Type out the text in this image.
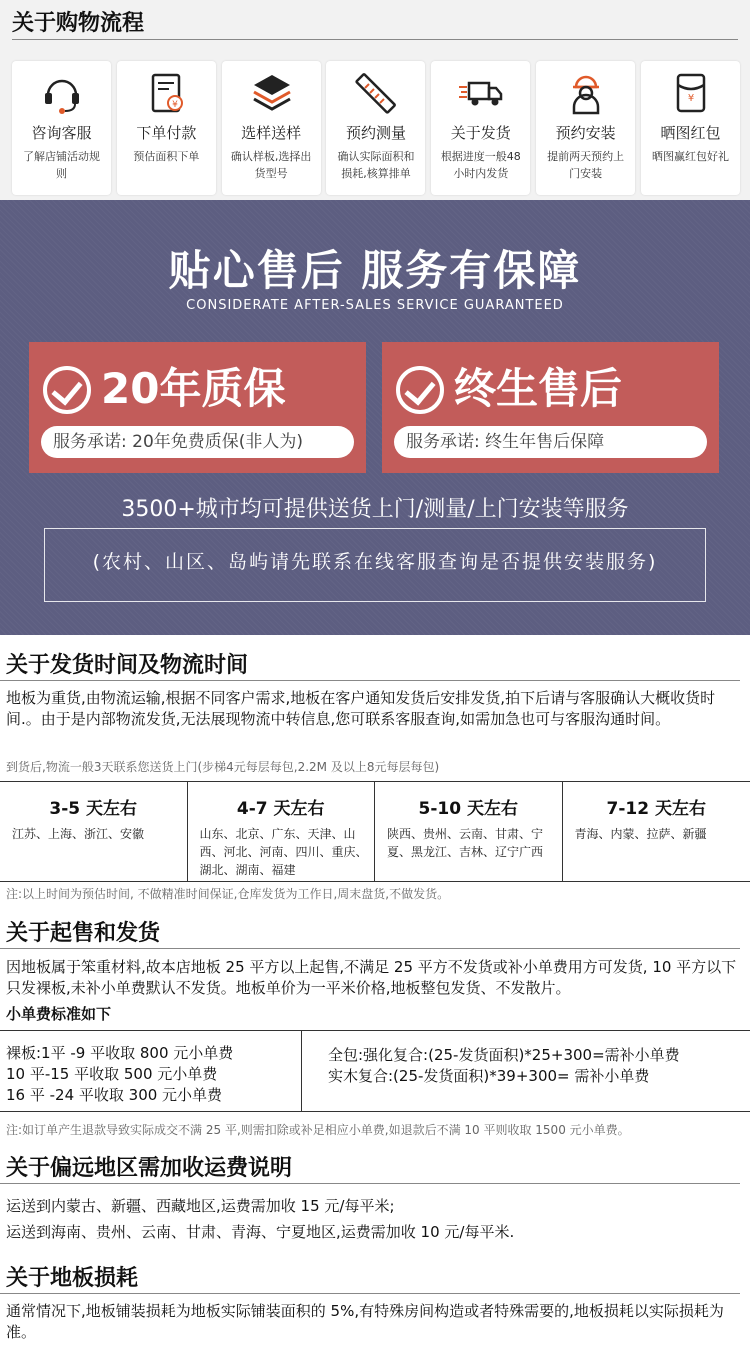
关于购物流程
咨询客服
了解店铺活动规则
¥
下单付款
预估面积下单
选样送样
确认样板,选择出货型号
预约测量
确认实际面积和损耗,核算排单
关于发货
根据进度一般48小时内发货
预约安装
提前两天预约上门安装
¥
晒图红包
晒图赢红包好礼
贴心售后 服务有保障
CONSIDERATE AFTER-SALES SERVICE GUARANTEED
20年质保
服务承诺: 20年免费质保(非人为)
终生售后
服务承诺: 终生年售后保障
3500+城市均可提供送货上门/测量/上门安装等服务
(农村、山区、岛屿请先联系在线客服查询是否提供安装服务)
关于发货时间及物流时间
地板为重货,由物流运输,根据不同客户需求,地板在客户通知发货后安排发货,拍下后请与客服确认大概收货时间.。由于是内部物流发货,无法展现物流中转信息,您可联系客服查询,如需加急也可与客服沟通时间。
到货后,物流一般3天联系您送货上门(步梯4元每层每包,2.2M 及以上8元每层每包)
3-5 天左右
江苏、上海、浙江、安徽
4-7 天左右
山东、北京、广东、天津、山西、河北、河南、四川、重庆、湖北、湖南、福建
5-10 天左右
陕西、贵州、云南、甘肃、宁夏、黑龙江、吉林、辽宁广西
7-12 天左右
青海、内蒙、拉萨、新疆
注:以上时间为预估时间, 不做精准时间保证,仓库发货为工作日,周末盘货,不做发货。
关于起售和发货
因地板属于笨重材料,故本店地板 25 平方以上起售,不满足 25 平方不发货或补小单费用方可发货, 10 平方以下只发裸板,未补小单费默认不发货。地板单价为一平米价格,地板整包发货、不发散片。
小单费标准如下
裸板:1平 -9 平收取 800 元小单费
10 平-15 平收取 500 元小单费
16 平 -24 平收取 300 元小单费
全包:强化复合:(25-发货面积)*25+300=需补小单费
实木复合:(25-发货面积)*39+300= 需补小单费
注:如订单产生退款导致实际成交不满 25 平,则需扣除或补足相应小单费,如退款后不满 10 平则收取 1500 元小单费。
关于偏远地区需加收运费说明
运送到内蒙古、新疆、西藏地区,运费需加收 15 元/每平米;
运送到海南、贵州、云南、甘肃、青海、宁夏地区,运费需加收 10 元/每平米.
关于地板损耗
通常情况下,地板铺装损耗为地板实际铺装面积的 5%,有特殊房间构造或者特殊需要的,地板损耗以实际损耗为准。
